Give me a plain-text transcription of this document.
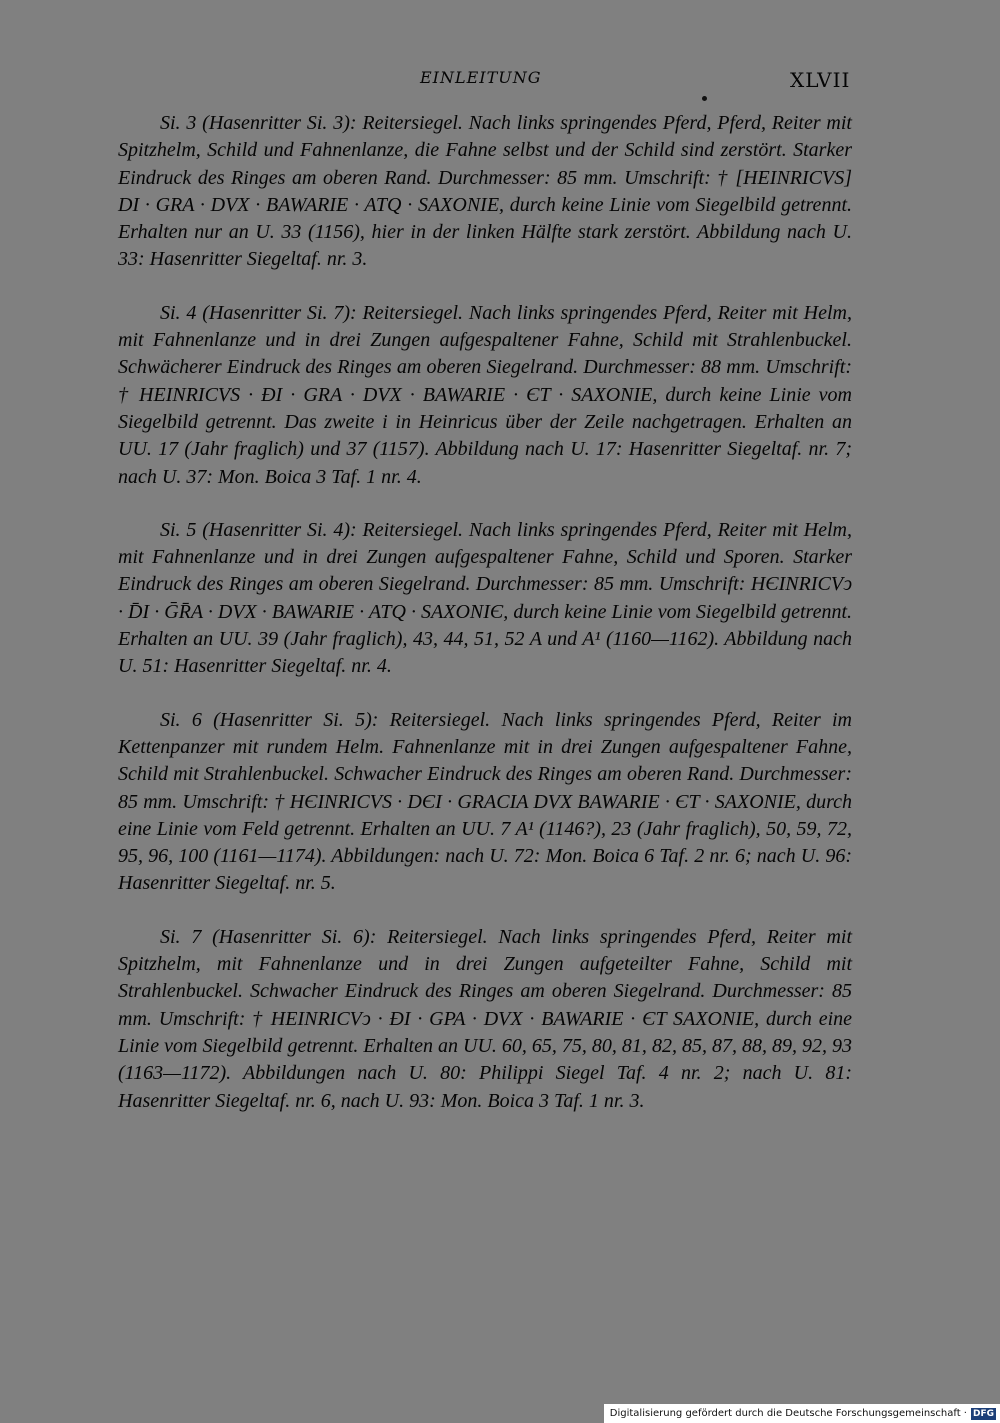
EINLEITUNG	XLVII

Si. 3 (Hasenritter Si. 3): Reitersiegel. Nach links springendes Pferd, Pferd, Reiter mit Spitzhelm, Schild und Fahnenlanze, die Fahne selbst und der Schild sind zerstört. Starker Eindruck des Ringes am oberen Rand. Durchmesser: 85 mm. Umschrift: † [HEINRICVS] DI · GRA · DVX · BAWARIE · ATQ · SAXONIE, durch keine Linie vom Siegelbild getrennt. Erhalten nur an U. 33 (1156), hier in der linken Hälfte stark zerstört. Abbildung nach U. 33: Hasenritter Siegeltaf. nr. 3.

Si. 4 (Hasenritter Si. 7): Reitersiegel. Nach links springendes Pferd, Reiter mit Helm, mit Fahnenlanze und in drei Zungen aufgespaltener Fahne, Schild mit Strahlenbuckel. Schwächerer Eindruck des Ringes am oberen Siegelrand. Durchmesser: 88 mm. Umschrift: † HEINRICVS · ÐI · GRA · DVX · BAWARIE · ЄT · SAXONIE, durch keine Linie vom Siegelbild getrennt. Das zweite i in Heinricus über der Zeile nachgetragen. Erhalten an UU. 17 (Jahr fraglich) und 37 (1157). Abbildung nach U. 17: Hasenritter Siegeltaf. nr. 7; nach U. 37: Mon. Boica 3 Taf. 1 nr. 4.

Si. 5 (Hasenritter Si. 4): Reitersiegel. Nach links springendes Pferd, Reiter mit Helm, mit Fahnenlanze und in drei Zungen aufgespaltener Fahne, Schild und Sporen. Starker Eindruck des Ringes am oberen Siegelrand. Durchmesser: 85 mm. Umschrift: HЄINRICVↄ · D̄I · ḠR̄A · DVX · BAWARIE · ATQ · SAXONIЄ, durch keine Linie vom Siegelbild getrennt. Erhalten an UU. 39 (Jahr fraglich), 43, 44, 51, 52 A und A¹ (1160—1162). Abbildung nach U. 51: Hasenritter Siegeltaf. nr. 4.

Si. 6 (Hasenritter Si. 5): Reitersiegel. Nach links springendes Pferd, Reiter im Kettenpanzer mit rundem Helm. Fahnenlanze mit in drei Zungen aufgespaltener Fahne, Schild mit Strahlenbuckel. Schwacher Eindruck des Ringes am oberen Rand. Durchmesser: 85 mm. Umschrift: † HЄINRICVS · DЄI · GRACIA DVX BAWARIE · ЄT · SAXONIE, durch eine Linie vom Feld getrennt. Erhalten an UU. 7 A¹ (1146?), 23 (Jahr fraglich), 50, 59, 72, 95, 96, 100 (1161—1174). Abbildungen: nach U. 72: Mon. Boica 6 Taf. 2 nr. 6; nach U. 96: Hasenritter Siegeltaf. nr. 5.

Si. 7 (Hasenritter Si. 6): Reitersiegel. Nach links springendes Pferd, Reiter mit Spitzhelm, mit Fahnenlanze und in drei Zungen aufgeteilter Fahne, Schild mit Strahlenbuckel. Schwacher Eindruck des Ringes am oberen Siegelrand. Durchmesser: 85 mm. Umschrift: † HEINRICVↄ · ÐI · GPA · DVX · BAWARIE · ЄT SAXONIE, durch eine Linie vom Siegelbild getrennt. Erhalten an UU. 60, 65, 75, 80, 81, 82, 85, 87, 88, 89, 92, 93 (1163—1172). Abbildungen nach U. 80: Philippi Siegel Taf. 4 nr. 2; nach U. 81: Hasenritter Siegeltaf. nr. 6, nach U. 93: Mon. Boica 3 Taf. 1 nr. 3.

Digitalisierung gefördert durch die Deutsche Forschungsgemeinschaft · DFG
